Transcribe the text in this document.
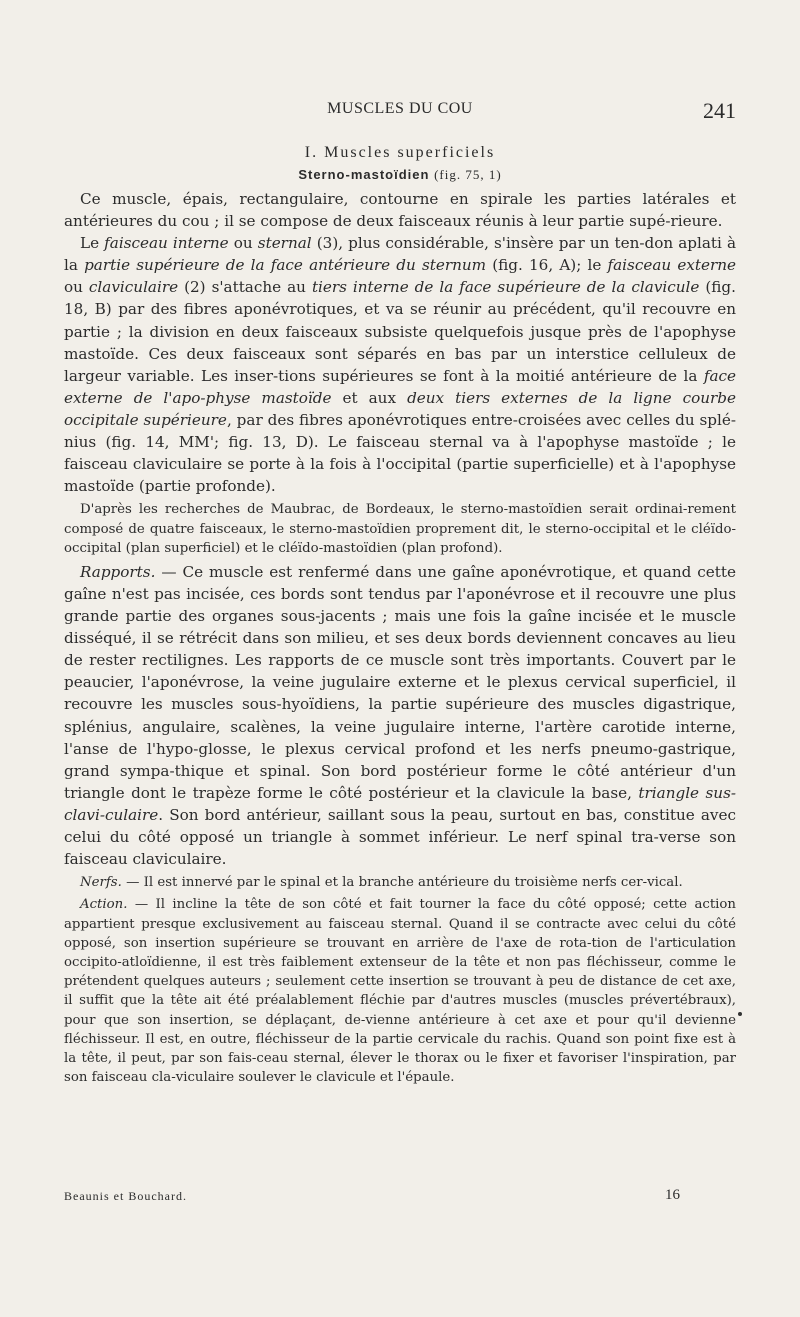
MUSCLES DU COU	241
I. Muscles superficiels
Sterno-mastoïdien (fig. 75, 1)

Ce muscle, épais, rectangulaire, contourne en spirale les parties latérales et antérieures du cou ; il se compose de deux faisceaux réunis à leur partie supé-rieure.

Le faisceau interne ou sternal (3), plus considérable, s'insère par un ten-don aplati à la partie supérieure de la face antérieure du sternum (fig. 16, A); le faisceau externe ou claviculaire (2) s'attache au tiers interne de la face supérieure de la clavicule (fig. 18, B) par des fibres aponévrotiques, et va se réunir au précédent, qu'il recouvre en partie ; la division en deux faisceaux subsiste quelquefois jusque près de l'apophyse mastoïde. Ces deux faisceaux sont séparés en bas par un interstice celluleux de largeur variable. Les inser-tions supérieures se font à la moitié antérieure de la face externe de l'apo-physe mastoïde et aux deux tiers externes de la ligne courbe occipitale supérieure, par des fibres aponévrotiques entre-croisées avec celles du splé-nius (fig. 14, MM'; fig. 13, D). Le faisceau sternal va à l'apophyse mastoïde ; le faisceau claviculaire se porte à la fois à l'occipital (partie superficielle) et à l'apophyse mastoïde (partie profonde).

D'après les recherches de Maubrac, de Bordeaux, le sterno-mastoïdien serait ordinai-rement composé de quatre faisceaux, le sterno-mastoïdien proprement dit, le sterno-occipital et le cléïdo-occipital (plan superficiel) et le cléïdo-mastoïdien (plan profond).

Rapports. — Ce muscle est renfermé dans une gaîne aponévrotique, et quand cette gaîne n'est pas incisée, ces bords sont tendus par l'aponévrose et il recouvre une plus grande partie des organes sous-jacents ; mais une fois la gaîne incisée et le muscle disséqué, il se rétrécit dans son milieu, et ses deux bords deviennent concaves au lieu de rester rectilignes. Les rapports de ce muscle sont très importants. Couvert par le peaucier, l'aponévrose, la veine jugulaire externe et le plexus cervical superficiel, il recouvre les muscles sous-hyoïdiens, la partie supérieure des muscles digastrique, splénius, angulaire, scalènes, la veine jugulaire interne, l'artère carotide interne, l'anse de l'hypo-glosse, le plexus cervical profond et les nerfs pneumo-gastrique, grand sympa-thique et spinal. Son bord postérieur forme le côté antérieur d'un triangle dont le trapèze forme le côté postérieur et la clavicule la base, triangle sus-clavi-culaire. Son bord antérieur, saillant sous la peau, surtout en bas, constitue avec celui du côté opposé un triangle à sommet inférieur. Le nerf spinal tra-verse son faisceau claviculaire.

Nerfs. — Il est innervé par le spinal et la branche antérieure du troisième nerfs cer-vical.

Action. — Il incline la tête de son côté et fait tourner la face du côté opposé; cette action appartient presque exclusivement au faisceau sternal. Quand il se contracte avec celui du côté opposé, son insertion supérieure se trouvant en arrière de l'axe de rota-tion de l'articulation occipito-atloïdienne, il est très faiblement extenseur de la tête et non pas fléchisseur, comme le prétendent quelques auteurs ; seulement cette insertion se trouvant à peu de distance de cet axe, il suffit que la tête ait été préalablement fléchie par d'autres muscles (muscles prévertébraux), pour que son insertion, se déplaçant, de-vienne antérieure à cet axe et pour qu'il devienne fléchisseur. Il est, en outre, fléchisseur de la partie cervicale du rachis. Quand son point fixe est à la tête, il peut, par son fais-ceau sternal, élever le thorax ou le fixer et favoriser l'inspiration, par son faisceau cla-viculaire soulever le clavicule et l'épaule.

Beaunis et Bouchard.	16
